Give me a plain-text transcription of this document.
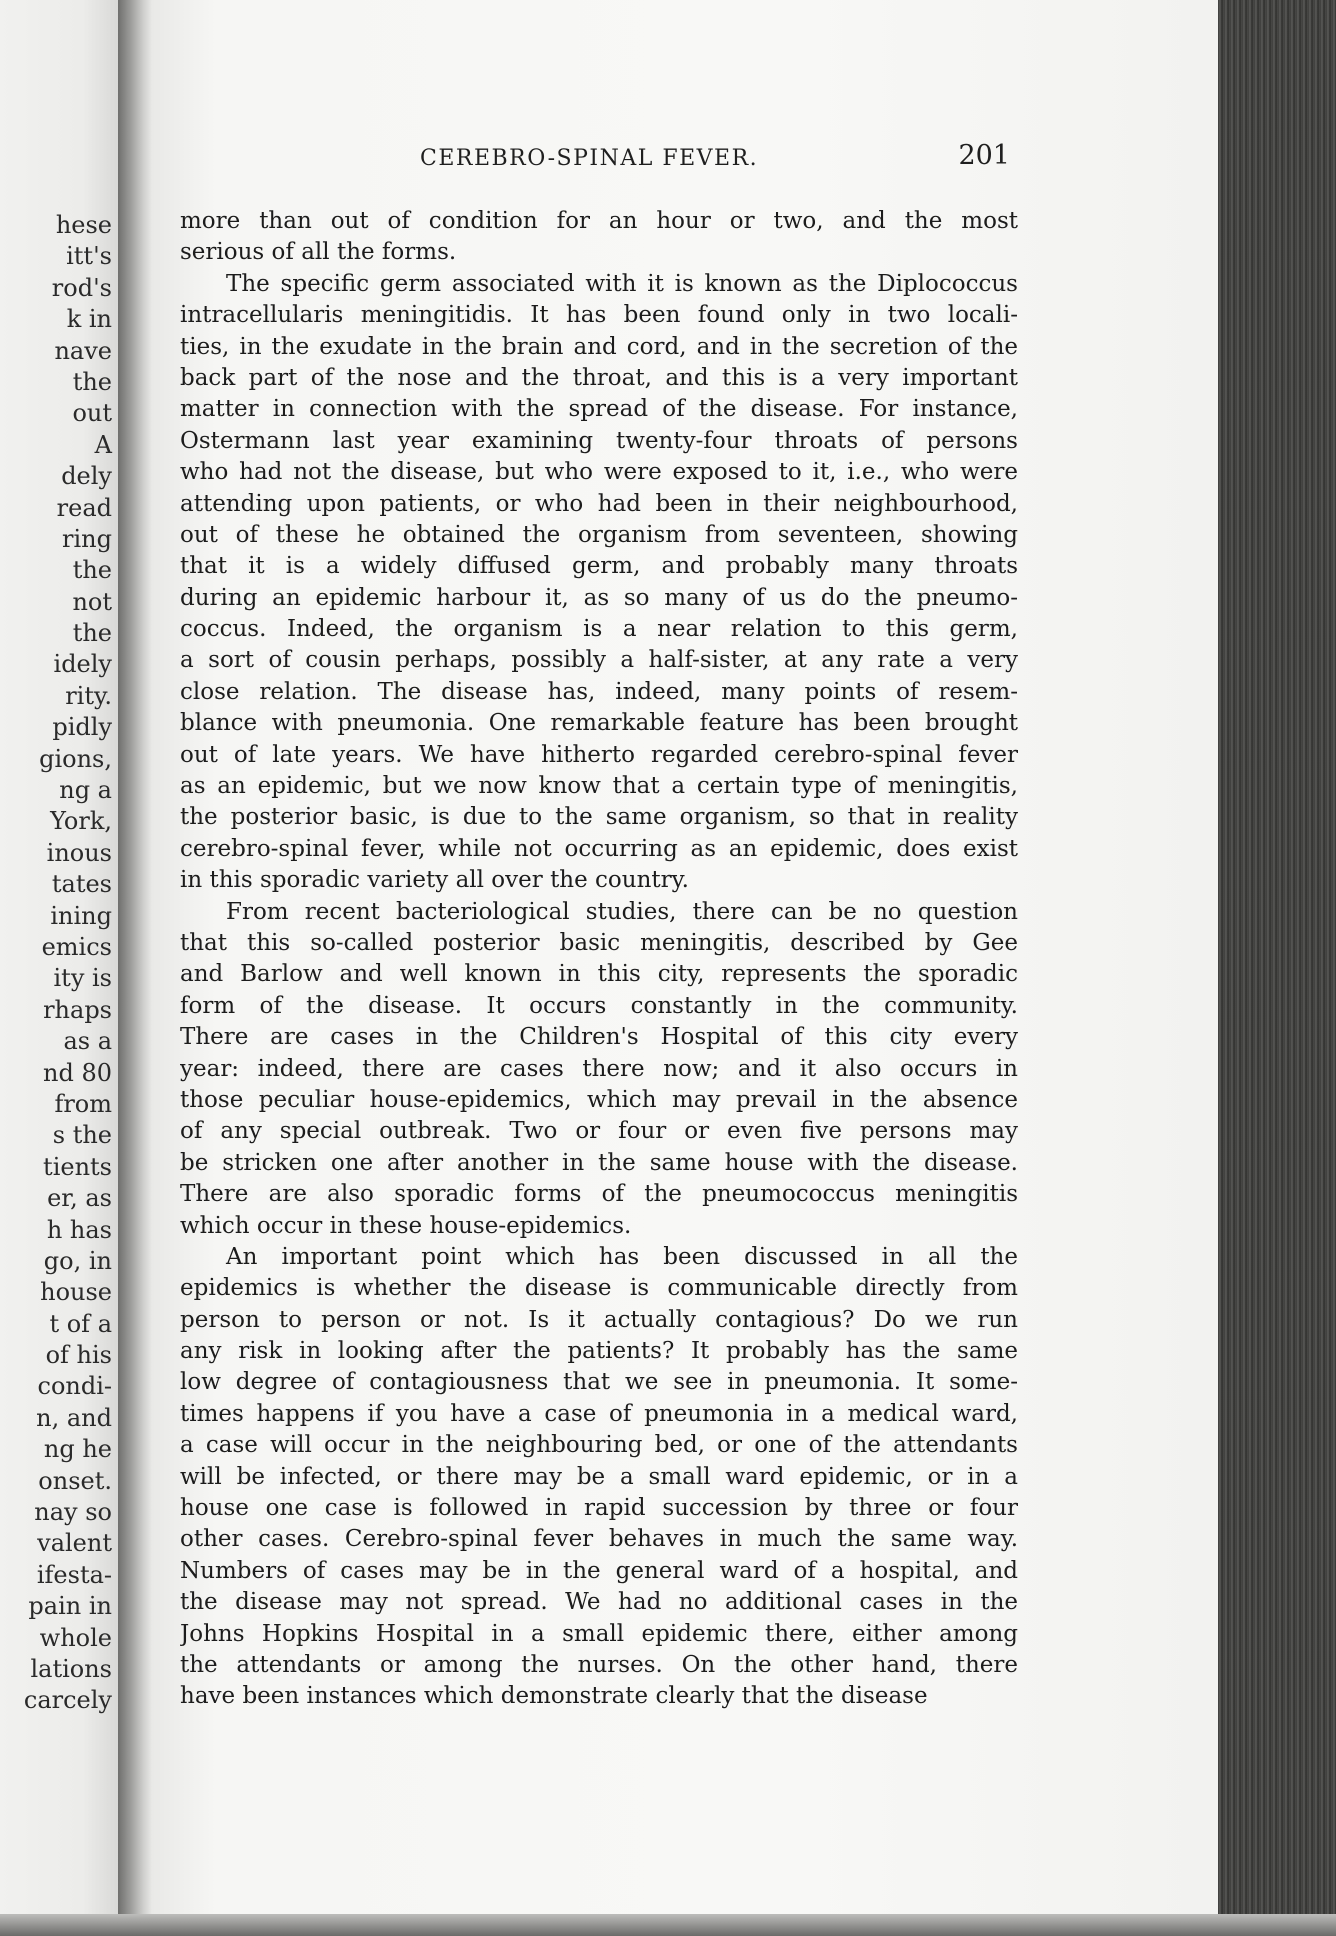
hese
itt's
rod's
k in
nave
the
out
A
dely
read
ring
the
not
the
idely
rity.
pidly
gions,
ng a
York,
inous
tates
ining
emics
ity is
rhaps
as a
nd 80
from
s the
tients
er, as
h has
go, in
house
t of a
of his
condi-
n, and
ng he
onset.
nay so
valent
ifesta-
pain in
whole
lations
carcely
CEREBRO-SPINAL FEVER.	201
more than out of condition for an hour or two, and the most
serious of all the forms.
The specific germ associated with it is known as the Diplococcus
intracellularis meningitidis. It has been found only in two locali-
ties, in the exudate in the brain and cord, and in the secretion of the
back part of the nose and the throat, and this is a very important
matter in connection with the spread of the disease. For instance,
Ostermann last year examining twenty-four throats of persons
who had not the disease, but who were exposed to it, i.e., who were
attending upon patients, or who had been in their neighbourhood,
out of these he obtained the organism from seventeen, showing
that it is a widely diffused germ, and probably many throats
during an epidemic harbour it, as so many of us do the pneumo-
coccus. Indeed, the organism is a near relation to this germ,
a sort of cousin perhaps, possibly a half-sister, at any rate a very
close relation. The disease has, indeed, many points of resem-
blance with pneumonia. One remarkable feature has been brought
out of late years. We have hitherto regarded cerebro-spinal fever
as an epidemic, but we now know that a certain type of meningitis,
the posterior basic, is due to the same organism, so that in reality
cerebro-spinal fever, while not occurring as an epidemic, does exist
in this sporadic variety all over the country.
From recent bacteriological studies, there can be no question
that this so-called posterior basic meningitis, described by Gee
and Barlow and well known in this city, represents the sporadic
form of the disease. It occurs constantly in the community.
There are cases in the Children's Hospital of this city every
year: indeed, there are cases there now; and it also occurs in
those peculiar house-epidemics, which may prevail in the absence
of any special outbreak. Two or four or even five persons may
be stricken one after another in the same house with the disease.
There are also sporadic forms of the pneumococcus meningitis
which occur in these house-epidemics.
An important point which has been discussed in all the
epidemics is whether the disease is communicable directly from
person to person or not. Is it actually contagious? Do we run
any risk in looking after the patients? It probably has the same
low degree of contagiousness that we see in pneumonia. It some-
times happens if you have a case of pneumonia in a medical ward,
a case will occur in the neighbouring bed, or one of the attendants
will be infected, or there may be a small ward epidemic, or in a
house one case is followed in rapid succession by three or four
other cases. Cerebro-spinal fever behaves in much the same way.
Numbers of cases may be in the general ward of a hospital, and
the disease may not spread. We had no additional cases in the
Johns Hopkins Hospital in a small epidemic there, either among
the attendants or among the nurses. On the other hand, there
have been instances which demonstrate clearly that the disease
